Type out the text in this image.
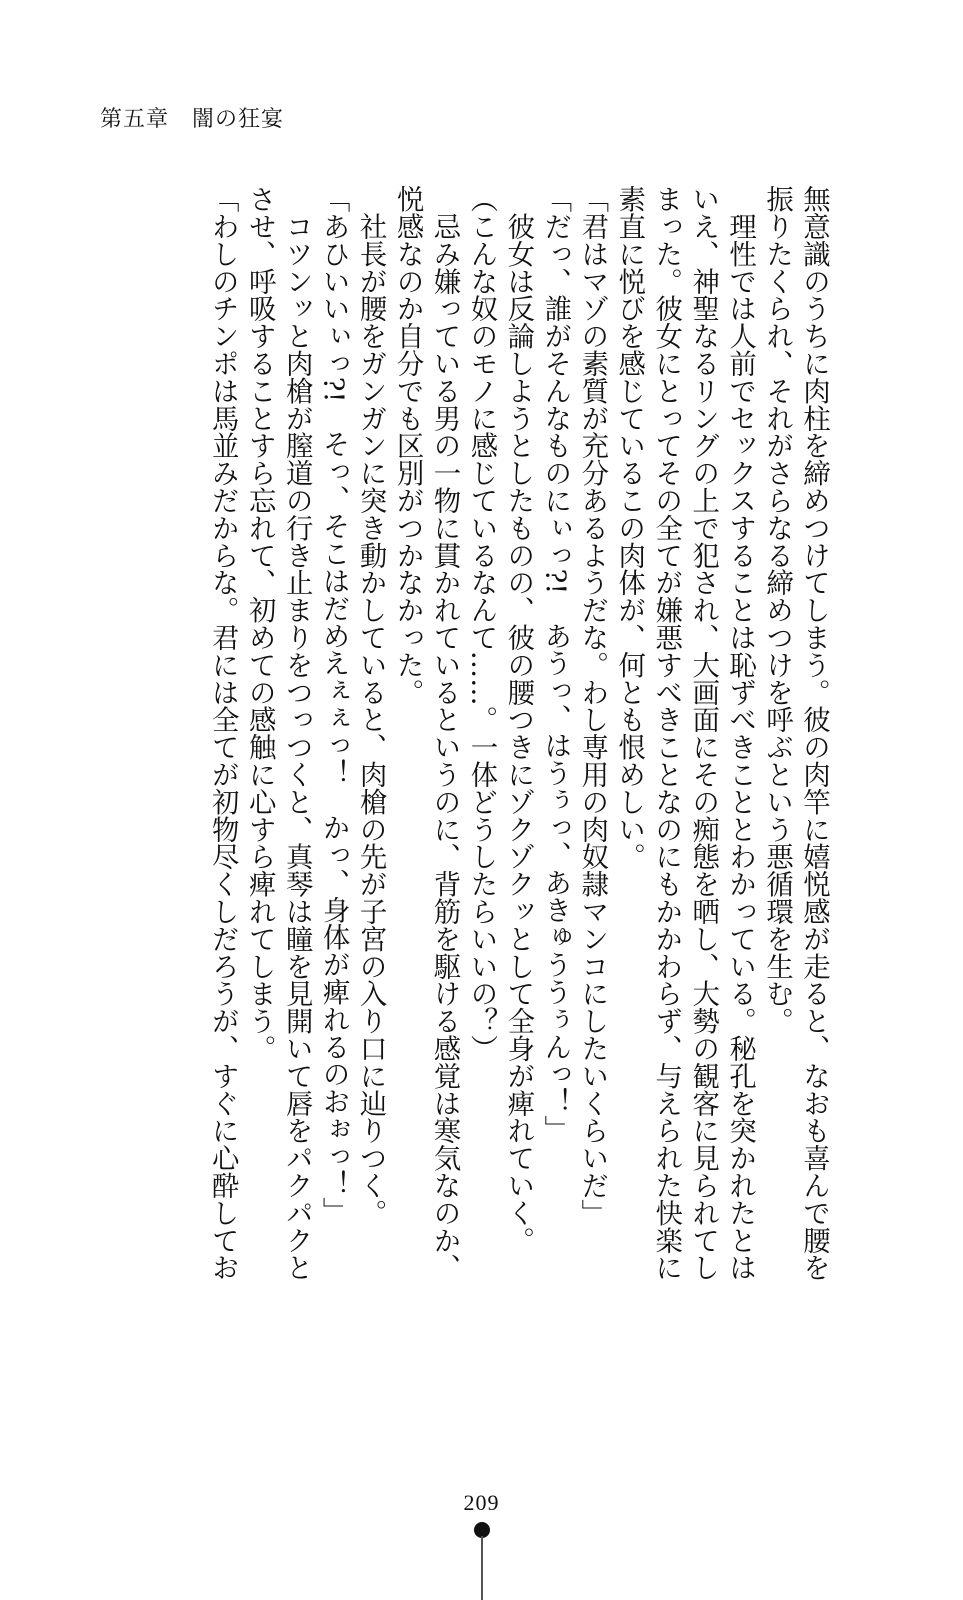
第五章　闇の狂宴
無意識のうちに肉柱を締めつけてしまう。彼の肉竿に嬉悦感が走ると、なおも喜んで腰を
振りたくられ、それがさらなる締めつけを呼ぶという悪循環を生む。
　理性では人前でセックスすることは恥ずべきこととわかっている。秘孔を突かれたとは
いえ、神聖なるリングの上で犯され、大画面にその痴態を晒し、大勢の観客に見られてし
まった。彼女にとってその全てが嫌悪すべきことなのにもかかわらず、与えられた快楽に
素直に悦びを感じているこの肉体が、何とも恨めしい。
「君はマゾの素質が充分あるようだな。わし専用の肉奴隷マンコにしたいくらいだ」
「だっ、誰がそんなものにぃっ?!　あうっ、はうぅっ、あきゅううぅんっ！」
　彼女は反論しようとしたものの、彼の腰つきにゾクゾクッとして全身が痺れていく。
（こんな奴のモノに感じているなんて……。一体どうしたらいいの？）
　忌み嫌っている男の一物に貫かれているというのに、背筋を駆ける感覚は寒気なのか、
悦感なのか自分でも区別がつかなかった。
　社長が腰をガンガンに突き動かしていると、肉槍の先が子宮の入り口に辿りつく。
「あひいいぃっ?!　そっ、そこはだめえぇぇっ！　かっ、身体が痺れるのおぉっ！」
　コツンッと肉槍が膣道の行き止まりをつっつくと、真琴は瞳を見開いて唇をパクパクと
させ、呼吸することすら忘れて、初めての感触に心すら痺れてしまう。
「わしのチンポは馬並みだからな。君には全てが初物尽くしだろうが、すぐに心酔してお
209
